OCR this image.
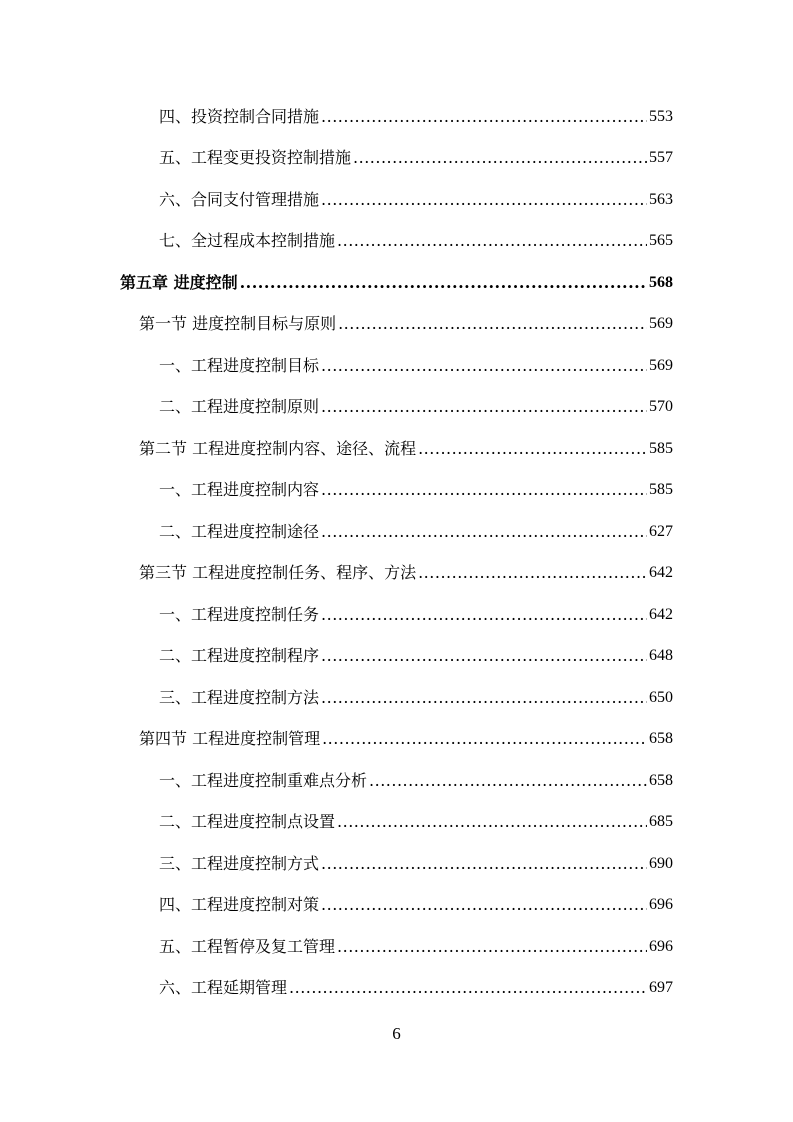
四、投资控制合同措施 .....	553
五、工程变更投资控制措施 .....	557
六、合同支付管理措施 .....	563
七、全过程成本控制措施 .....	565
第五章 进度控制 .....	568
第一节 进度控制目标与原则 .....	569
一、工程进度控制目标 .....	569
二、工程进度控制原则 .....	570
第二节 工程进度控制内容、途径、流程 .....	585
一、工程进度控制内容 .....	585
二、工程进度控制途径 .....	627
第三节 工程进度控制任务、程序、方法 .....	642
一、工程进度控制任务 .....	642
二、工程进度控制程序 .....	648
三、工程进度控制方法 .....	650
第四节 工程进度控制管理 .....	658
一、工程进度控制重难点分析 .....	658
二、工程进度控制点设置 .....	685
三、工程进度控制方式 .....	690
四、工程进度控制对策 .....	696
五、工程暂停及复工管理 .....	696
六、工程延期管理 .....	697
6
